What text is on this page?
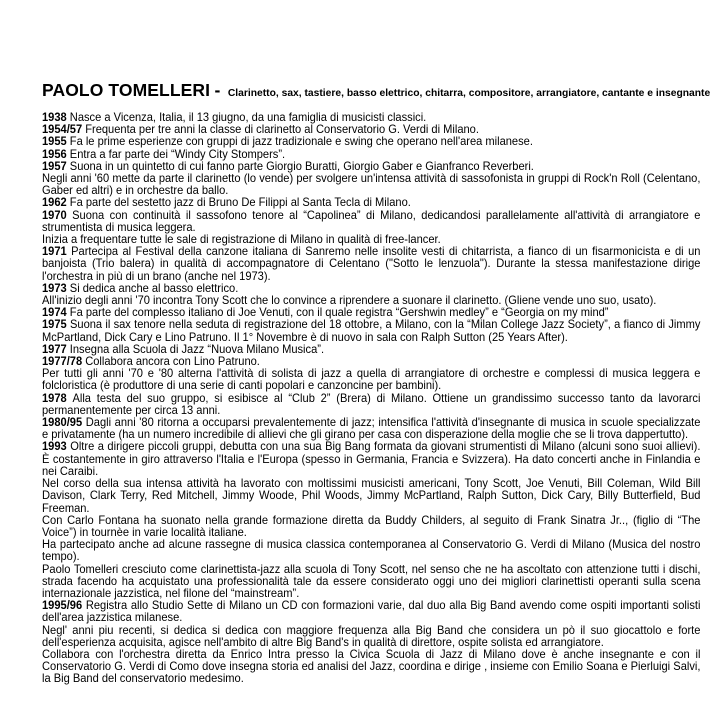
PAOLO TOMELLERI - Clarinetto, sax, tastiere, basso elettrico, chitarra, compositore, arrangiatore, cantante e insegnante

1938 Nasce a Vicenza, Italia, il 13 giugno, da una famiglia di musicisti classici.

1954/57 Frequenta per tre anni la classe di clarinetto al Conservatorio G. Verdi di Milano.

1955 Fa le prime esperienze con gruppi di jazz tradizionale e swing che operano nell'area milanese.

1956 Entra a far parte dei “Windy City Stompers”.

1957 Suona in un quintetto di cui fanno parte Giorgio Buratti, Giorgio Gaber e Gianfranco Reverberi.

Negli anni '60 mette da parte il clarinetto (lo vende) per svolgere un'intensa attività di sassofonista in gruppi di Rock'n Roll (Celentano, Gaber ed altri) e in orchestre da ballo.

1962 Fa parte del sestetto jazz di Bruno De Filippi al Santa Tecla di Milano.

1970 Suona con continuità il sassofono tenore al “Capolinea” di Milano, dedicandosi parallelamente all'attività di arrangiatore e strumentista di musica leggera.

Inizia a frequentare tutte le sale di registrazione di Milano in qualità di free-lancer.

1971 Partecipa al Festival della canzone italiana di Sanremo nelle insolite vesti di chitarrista, a fianco di un fisarmonicista e di un banjoista (Trio balera) in qualità di accompagnatore di Celentano ("Sotto le lenzuola"). Durante la stessa manifestazione dirige l'orchestra in più di un brano (anche nel 1973).

1973 Si dedica anche al basso elettrico.

All'inizio degli anni '70 incontra Tony Scott che lo convince a riprendere a suonare il clarinetto. (Gliene vende uno suo, usato).

1974 Fa parte del complesso italiano di Joe Venuti, con il quale registra “Gershwin medley” e “Georgia on my mind”

1975 Suona il sax tenore nella seduta di registrazione del 18 ottobre, a Milano, con la “Milan College Jazz Society”, a fianco di Jimmy McPartland, Dick Cary e Lino Patruno. Il 1° Novembre è di nuovo in sala con Ralph Sutton (25 Years After).

1977 Insegna alla Scuola di Jazz “Nuova Milano Musica”.

1977/78 Collabora ancora con Lino Patruno.

Per tutti gli anni '70 e '80 alterna l'attività di solista di jazz a quella di arrangiatore di orchestre e complessi di musica leggera e folcloristica (è produttore di una serie di canti popolari e canzoncine per bambini).

1978 Alla testa del suo gruppo, si esibisce al “Club 2” (Brera) di Milano. Ottiene un grandissimo successo tanto da lavorarci permanentemente per circa 13 anni.

1980/95 Dagli anni '80 ritorna a occuparsi prevalentemente di jazz; intensifica l'attività d'insegnante di musica in scuole specializzate e privatamente (ha un numero incredibile di allievi che gli girano per casa con disperazione della moglie che se li trova dappertutto).

1993 Oltre a dirigere piccoli gruppi, debutta con una sua Big Bang formata da giovani strumentisti di Milano (alcuni sono suoi allievi). È costantemente in giro attraverso l'Italia e l'Europa (spesso in Germania, Francia e Svizzera). Ha dato concerti anche in Finlandia e nei Caraibi.

Nel corso della sua intensa attività ha lavorato con moltissimi musicisti americani, Tony Scott, Joe Venuti, Bill Coleman, Wild Bill Davison, Clark Terry, Red Mitchell, Jimmy Woode, Phil Woods, Jimmy McPartland, Ralph Sutton, Dick Cary, Billy Butterfield, Bud Freeman.

Con Carlo Fontana ha suonato nella grande formazione diretta da Buddy Childers, al seguito di Frank Sinatra Jr.., (figlio di “The Voice”) in tournèe in varie località italiane.

Ha partecipato anche ad alcune rassegne di musica classica contemporanea al Conservatorio G. Verdi di Milano (Musica del nostro tempo).

Paolo Tomelleri cresciuto come clarinettista-jazz alla scuola di Tony Scott, nel senso che ne ha ascoltato con attenzione tutti i dischi, strada facendo ha acquistato una professionalità tale da essere considerato oggi uno dei migliori clarinettisti operanti sulla scena internazionale jazzistica, nel filone del “mainstream”.

1995/96 Registra allo Studio Sette di Milano un CD con formazioni varie, dal duo alla Big Band avendo come ospiti importanti solisti dell'area jazzistica milanese.

Negl' anni piu recenti, si dedica si dedica con maggiore frequenza alla Big Band che considera un pò il suo giocattolo e forte dell'esperienza acquisita, agisce nell'ambito di altre Big Band's in qualità di direttore, ospite solista ed arrangiatore.

Collabora con l'orchestra diretta da Enrico Intra presso la Civica Scuola di Jazz di Milano dove è anche insegnante e con il Conservatorio G. Verdi di Como dove insegna storia ed analisi del Jazz, coordina e dirige , insieme con Emilio Soana e Pierluigi Salvi, la Big Band del conservatorio medesimo.
